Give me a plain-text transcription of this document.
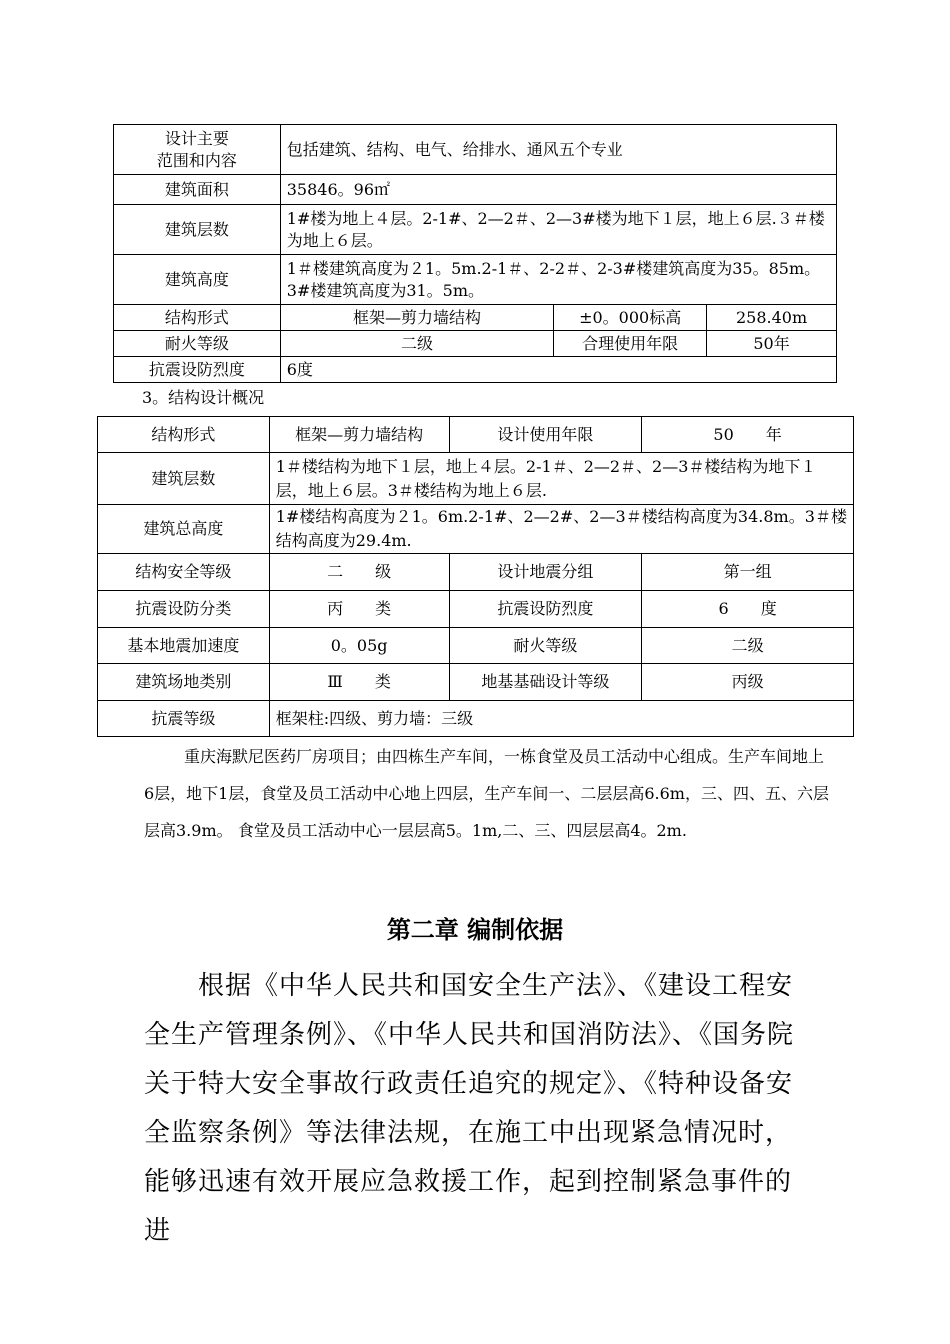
设计主要
范围和内容	包括建筑、结构、电气、给排水、通风五个专业		
建筑面积	35846。96㎡		
建筑层数	1#楼为地上４层。2-1#、2—2＃、2—3#楼为地下１层，地上６层.３＃楼为地上６层。		
建筑高度	1＃楼建筑高度为２1。5m.2-1＃、2-2＃、2-3#楼建筑高度为35。85m。3#楼建筑高度为31。5m。		
结构形式	框架—剪力墙结构	±0。000标高	258.40m
耐火等级	二级	合理使用年限	50年
抗震设防烈度	6度		
3。结构设计概况
结构形式	框架—剪力墙结构	设计使用年限	50　　年
建筑层数	1＃楼结构为地下１层，地上４层。2-1＃、2—2＃、2—3＃楼结构为地下１层，地上６层。3＃楼结构为地上６层.		
建筑总高度	1#楼结构高度为２1。6m.2-1#、2—2#、2—3＃楼结构高度为34.8m。3＃楼结构高度为29.4m.		
结构安全等级	二　　级	设计地震分组	第一组
抗震设防分类	丙　　类	抗震设防烈度	6　　度
基本地震加速度	0。05g	耐火等级	二级
建筑场地类别	Ⅲ　　类	地基基础设计等级	丙级
抗震等级	框架柱:四级、剪力墙：三级		

重庆海默尼医药厂房项目；由四栋生产车间，一栋食堂及员工活动中心组成。生产车间地上6层，地下1层，食堂及员工活动中心地上四层，生产车间一、二层层高6.6m，三、四、五、六层层高3.9m。 食堂及员工活动中心一层层高5。1m,二、三、四层层高4。2m.

第二章 编制依据

根据《中华人民共和国安全生产法》、《建设工程安全生产管理条例》、《中华人民共和国消防法》、《国务院关于特大安全事故行政责任追究的规定》、《特种设备安全监察条例》等法律法规，在施工中出现紧急情况时，能够迅速有效开展应急救援工作，起到控制紧急事件的进
